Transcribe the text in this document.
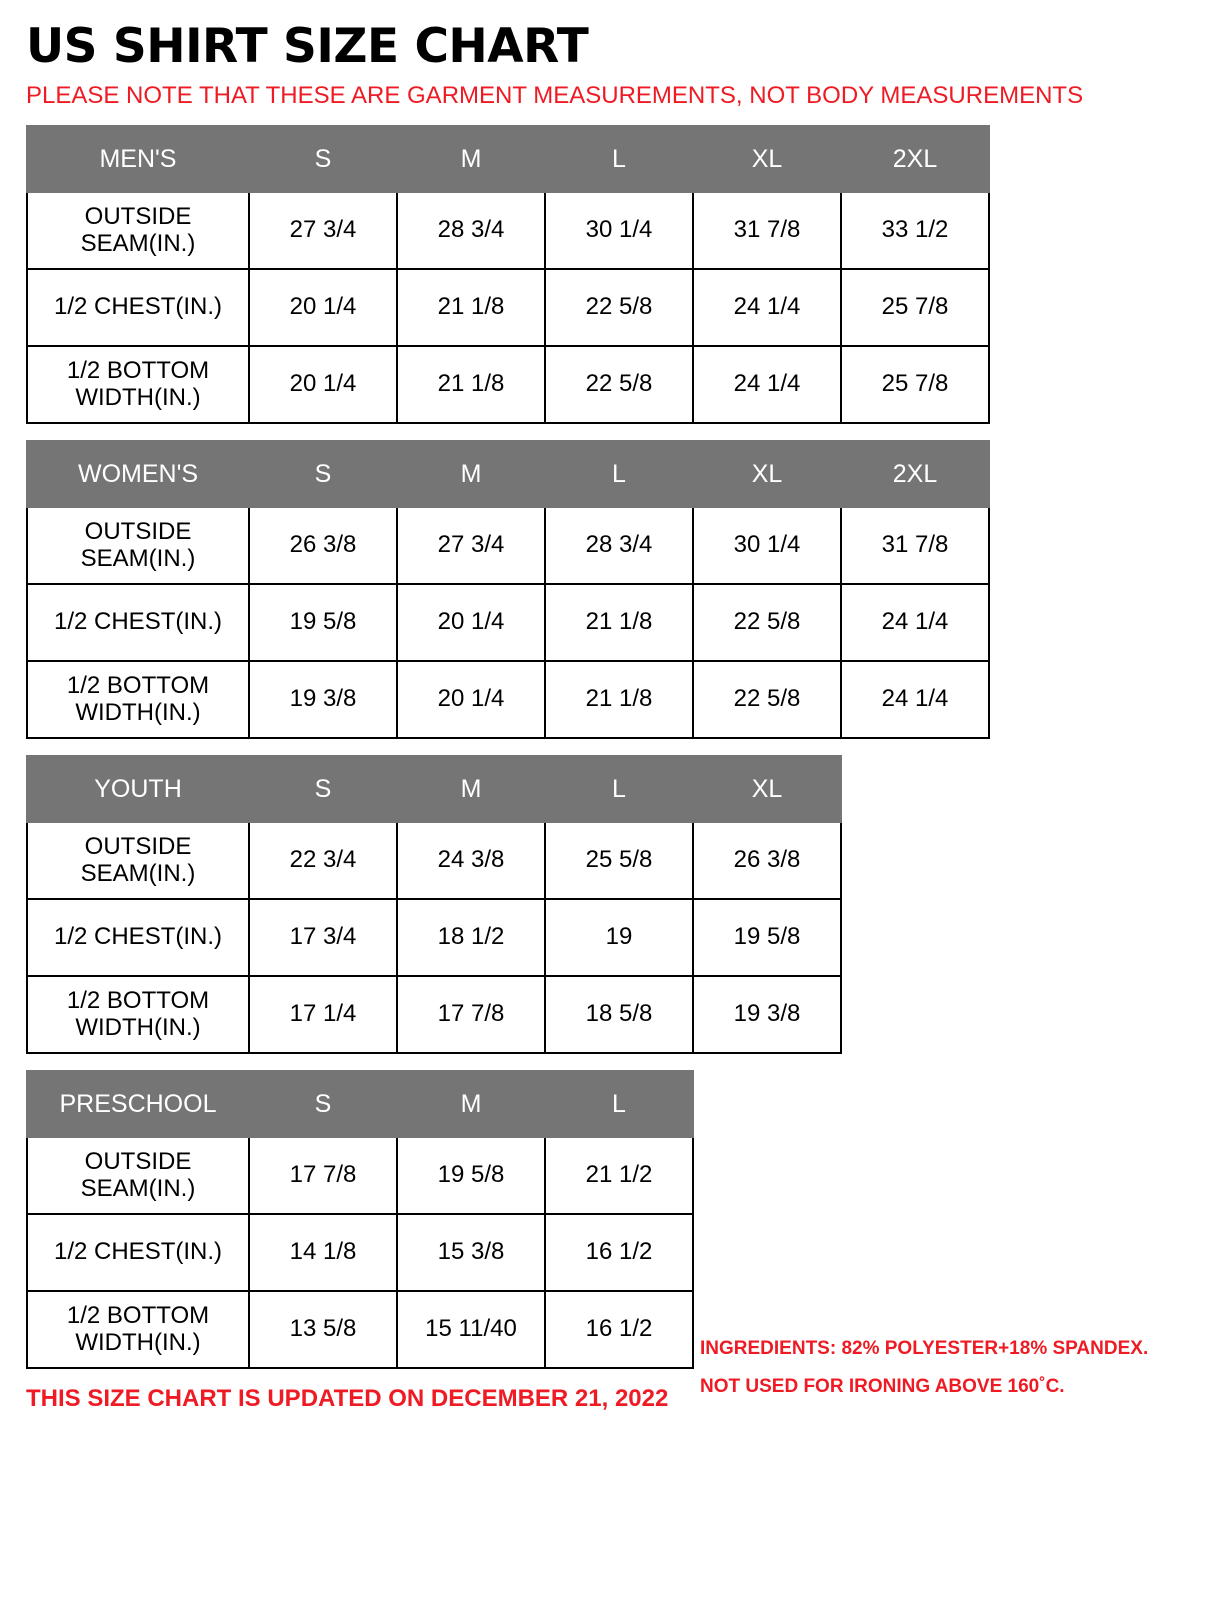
US SHIRT SIZE CHART

PLEASE NOTE THAT THESE ARE GARMENT MEASUREMENTS, NOT BODY MEASUREMENTS

MEN'S	S	M	L	XL	2XL
OUTSIDE SEAM(IN.)	27 3/4	28 3/4	30 1/4	31 7/8	33 1/2
1/2 CHEST(IN.)	20 1/4	21 1/8	22 5/8	24 1/4	25 7/8
1/2 BOTTOM WIDTH(IN.)	20 1/4	21 1/8	22 5/8	24 1/4	25 7/8
WOMEN'S	S	M	L	XL	2XL
OUTSIDE SEAM(IN.)	26 3/8	27 3/4	28 3/4	30 1/4	31 7/8
1/2 CHEST(IN.)	19 5/8	20 1/4	21 1/8	22 5/8	24 1/4
1/2 BOTTOM WIDTH(IN.)	19 3/8	20 1/4	21 1/8	22 5/8	24 1/4
YOUTH	S	M	L	XL
OUTSIDE SEAM(IN.)	22 3/4	24 3/8	25 5/8	26 3/8
1/2 CHEST(IN.)	17 3/4	18 1/2	19	19 5/8
1/2 BOTTOM WIDTH(IN.)	17 1/4	17 7/8	18 5/8	19 3/8
PRESCHOOL	S	M	L
OUTSIDE SEAM(IN.)	17 7/8	19 5/8	21 1/2
1/2 CHEST(IN.)	14 1/8	15 3/8	16 1/2
1/2 BOTTOM WIDTH(IN.)	13 5/8	15 11/40	16 1/2
THIS SIZE CHART IS UPDATED ON DECEMBER 21, 2022
INGREDIENTS: 82% POLYESTER+18% SPANDEX.
NOT USED FOR IRONING ABOVE 160˚C.
